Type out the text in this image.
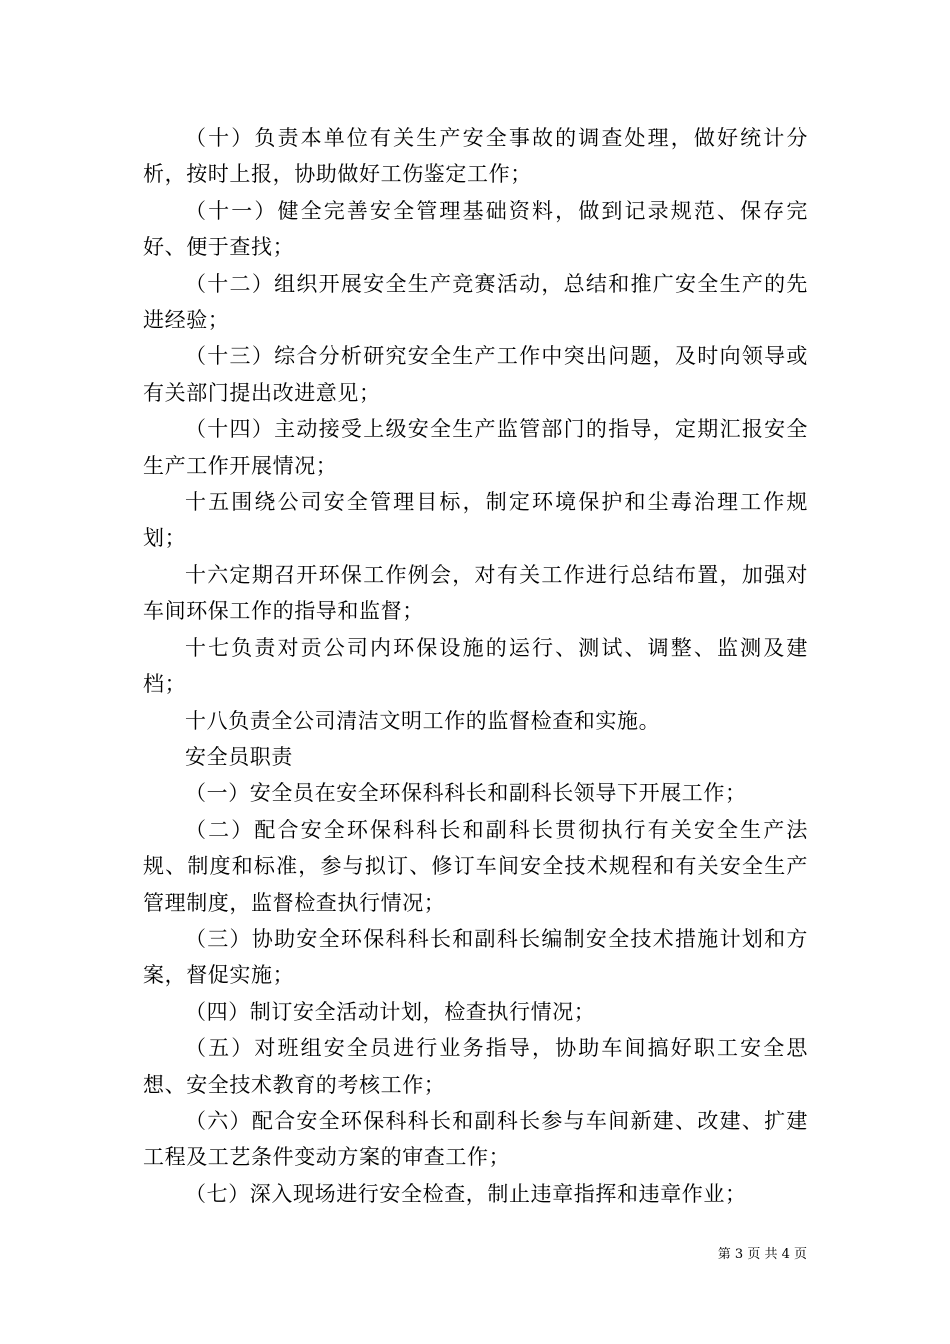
（十）负责本单位有关生产安全事故的调查处理，做好统计分析，按时上报，协助做好工伤鉴定工作；

（十一）健全完善安全管理基础资料，做到记录规范、保存完好、便于查找；

（十二）组织开展安全生产竞赛活动，总结和推广安全生产的先进经验；

（十三）综合分析研究安全生产工作中突出问题，及时向领导或有关部门提出改进意见；

（十四）主动接受上级安全生产监管部门的指导，定期汇报安全生产工作开展情况；

十五围绕公司安全管理目标，制定环境保护和尘毒治理工作规划；

十六定期召开环保工作例会，对有关工作进行总结布置，加强对车间环保工作的指导和监督；

十七负责对贡公司内环保设施的运行、测试、调整、监测及建档；

十八负责全公司清洁文明工作的监督检查和实施。

安全员职责

（一）安全员在安全环保科科长和副科长领导下开展工作；

（二）配合安全环保科科长和副科长贯彻执行有关安全生产法规、制度和标准，参与拟订、修订车间安全技术规程和有关安全生产管理制度，监督检查执行情况；

（三）协助安全环保科科长和副科长编制安全技术措施计划和方案，督促实施；

（四）制订安全活动计划，检查执行情况；

（五）对班组安全员进行业务指导，协助车间搞好职工安全思想、安全技术教育的考核工作；

（六）配合安全环保科科长和副科长参与车间新建、改建、扩建工程及工艺条件变动方案的审查工作；

（七）深入现场进行安全检查，制止违章指挥和违章作业；

第 3 页 共 4 页
